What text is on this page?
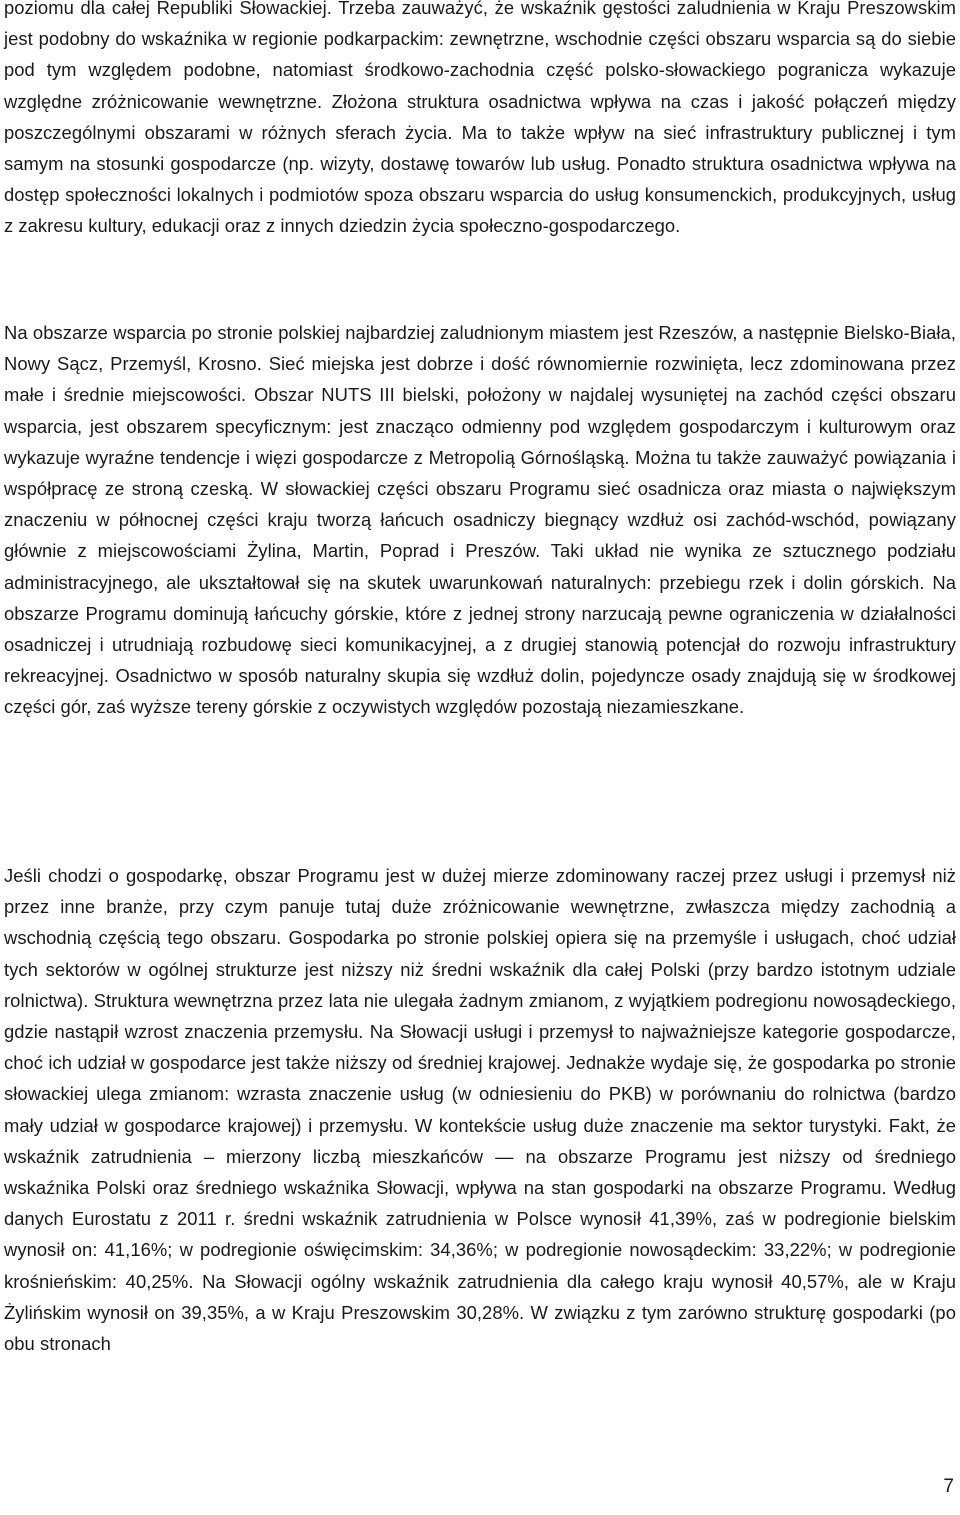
poziomu dla całej Republiki Słowackiej. Trzeba zauważyć, że wskaźnik gęstości zaludnienia w Kraju Preszowskim jest podobny do wskaźnika w regionie podkarpackim: zewnętrzne, wschodnie części obszaru wsparcia są do siebie pod tym względem podobne, natomiast środkowo-zachodnia część polsko-słowackiego pogranicza wykazuje względne zróżnicowanie wewnętrzne. Złożona struktura osadnictwa wpływa na czas i jakość połączeń między poszczególnymi obszarami w różnych sferach życia. Ma to także wpływ na sieć infrastruktury publicznej i tym samym na stosunki gospodarcze (np. wizyty, dostawę towarów lub usług. Ponadto struktura osadnictwa wpływa na dostęp społeczności lokalnych i podmiotów spoza obszaru wsparcia do usług konsumenckich, produkcyjnych, usług z zakresu kultury, edukacji oraz z innych dziedzin życia społeczno-gospodarczego.

Na obszarze wsparcia po stronie polskiej najbardziej zaludnionym miastem jest Rzeszów, a następnie Bielsko-Biała, Nowy Sącz, Przemyśl, Krosno. Sieć miejska jest dobrze i dość równomiernie rozwinięta, lecz zdominowana przez małe i średnie miejscowości. Obszar NUTS III bielski, położony w najdalej wysuniętej na zachód części obszaru wsparcia, jest obszarem specyficznym: jest znacząco odmienny pod względem gospodarczym i kulturowym oraz wykazuje wyraźne tendencje i więzi gospodarcze z Metropolią Górnośląską. Można tu także zauważyć powiązania i współpracę ze stroną czeską. W słowackiej części obszaru Programu sieć osadnicza oraz miasta o największym znaczeniu w północnej części kraju tworzą łańcuch osadniczy biegnący wzdłuż osi zachód-wschód, powiązany głównie z miejscowościami Żylina, Martin, Poprad i Preszów. Taki układ nie wynika ze sztucznego podziału administracyjnego, ale ukształtował się na skutek uwarunkowań naturalnych: przebiegu rzek i dolin górskich. Na obszarze Programu dominują łańcuchy górskie, które z jednej strony narzucają pewne ograniczenia w działalności osadniczej i utrudniają rozbudowę sieci komunikacyjnej, a z drugiej stanowią potencjał do rozwoju infrastruktury rekreacyjnej. Osadnictwo w sposób naturalny skupia się wzdłuż dolin, pojedyncze osady znajdują się w środkowej części gór, zaś wyższe tereny górskie z oczywistych względów pozostają niezamieszkane.

Jeśli chodzi o gospodarkę, obszar Programu jest w dużej mierze zdominowany raczej przez usługi i przemysł niż przez inne branże, przy czym panuje tutaj duże zróżnicowanie wewnętrzne, zwłaszcza między zachodnią a wschodnią częścią tego obszaru. Gospodarka po stronie polskiej opiera się na przemyśle i usługach, choć udział tych sektorów w ogólnej strukturze jest niższy niż średni wskaźnik dla całej Polski (przy bardzo istotnym udziale rolnictwa). Struktura wewnętrzna przez lata nie ulegała żadnym zmianom, z wyjątkiem podregionu nowosądeckiego, gdzie nastąpił wzrost znaczenia przemysłu. Na Słowacji usługi i przemysł to najważniejsze kategorie gospodarcze, choć ich udział w gospodarce jest także niższy od średniej krajowej. Jednakże wydaje się, że gospodarka po stronie słowackiej ulega zmianom: wzrasta znaczenie usług (w odniesieniu do PKB) w porównaniu do rolnictwa (bardzo mały udział w gospodarce krajowej) i przemysłu. W kontekście usług duże znaczenie ma sektor turystyki. Fakt, że wskaźnik zatrudnienia – mierzony liczbą mieszkańców — na obszarze Programu jest niższy od średniego wskaźnika Polski oraz średniego wskaźnika Słowacji, wpływa na stan gospodarki na obszarze Programu. Według danych Eurostatu z 2011 r. średni wskaźnik zatrudnienia w Polsce wynosił 41,39%, zaś w podregionie bielskim wynosił on: 41,16%; w podregionie oświęcimskim: 34,36%; w podregionie nowosądeckim: 33,22%; w podregionie krośnieńskim: 40,25%. Na Słowacji ogólny wskaźnik zatrudnienia dla całego kraju wynosił 40,57%, ale w Kraju Żylińskim wynosił on 39,35%, a w Kraju Preszowskim 30,28%. W związku z tym zarówno strukturę gospodarki (po obu stronach

7
